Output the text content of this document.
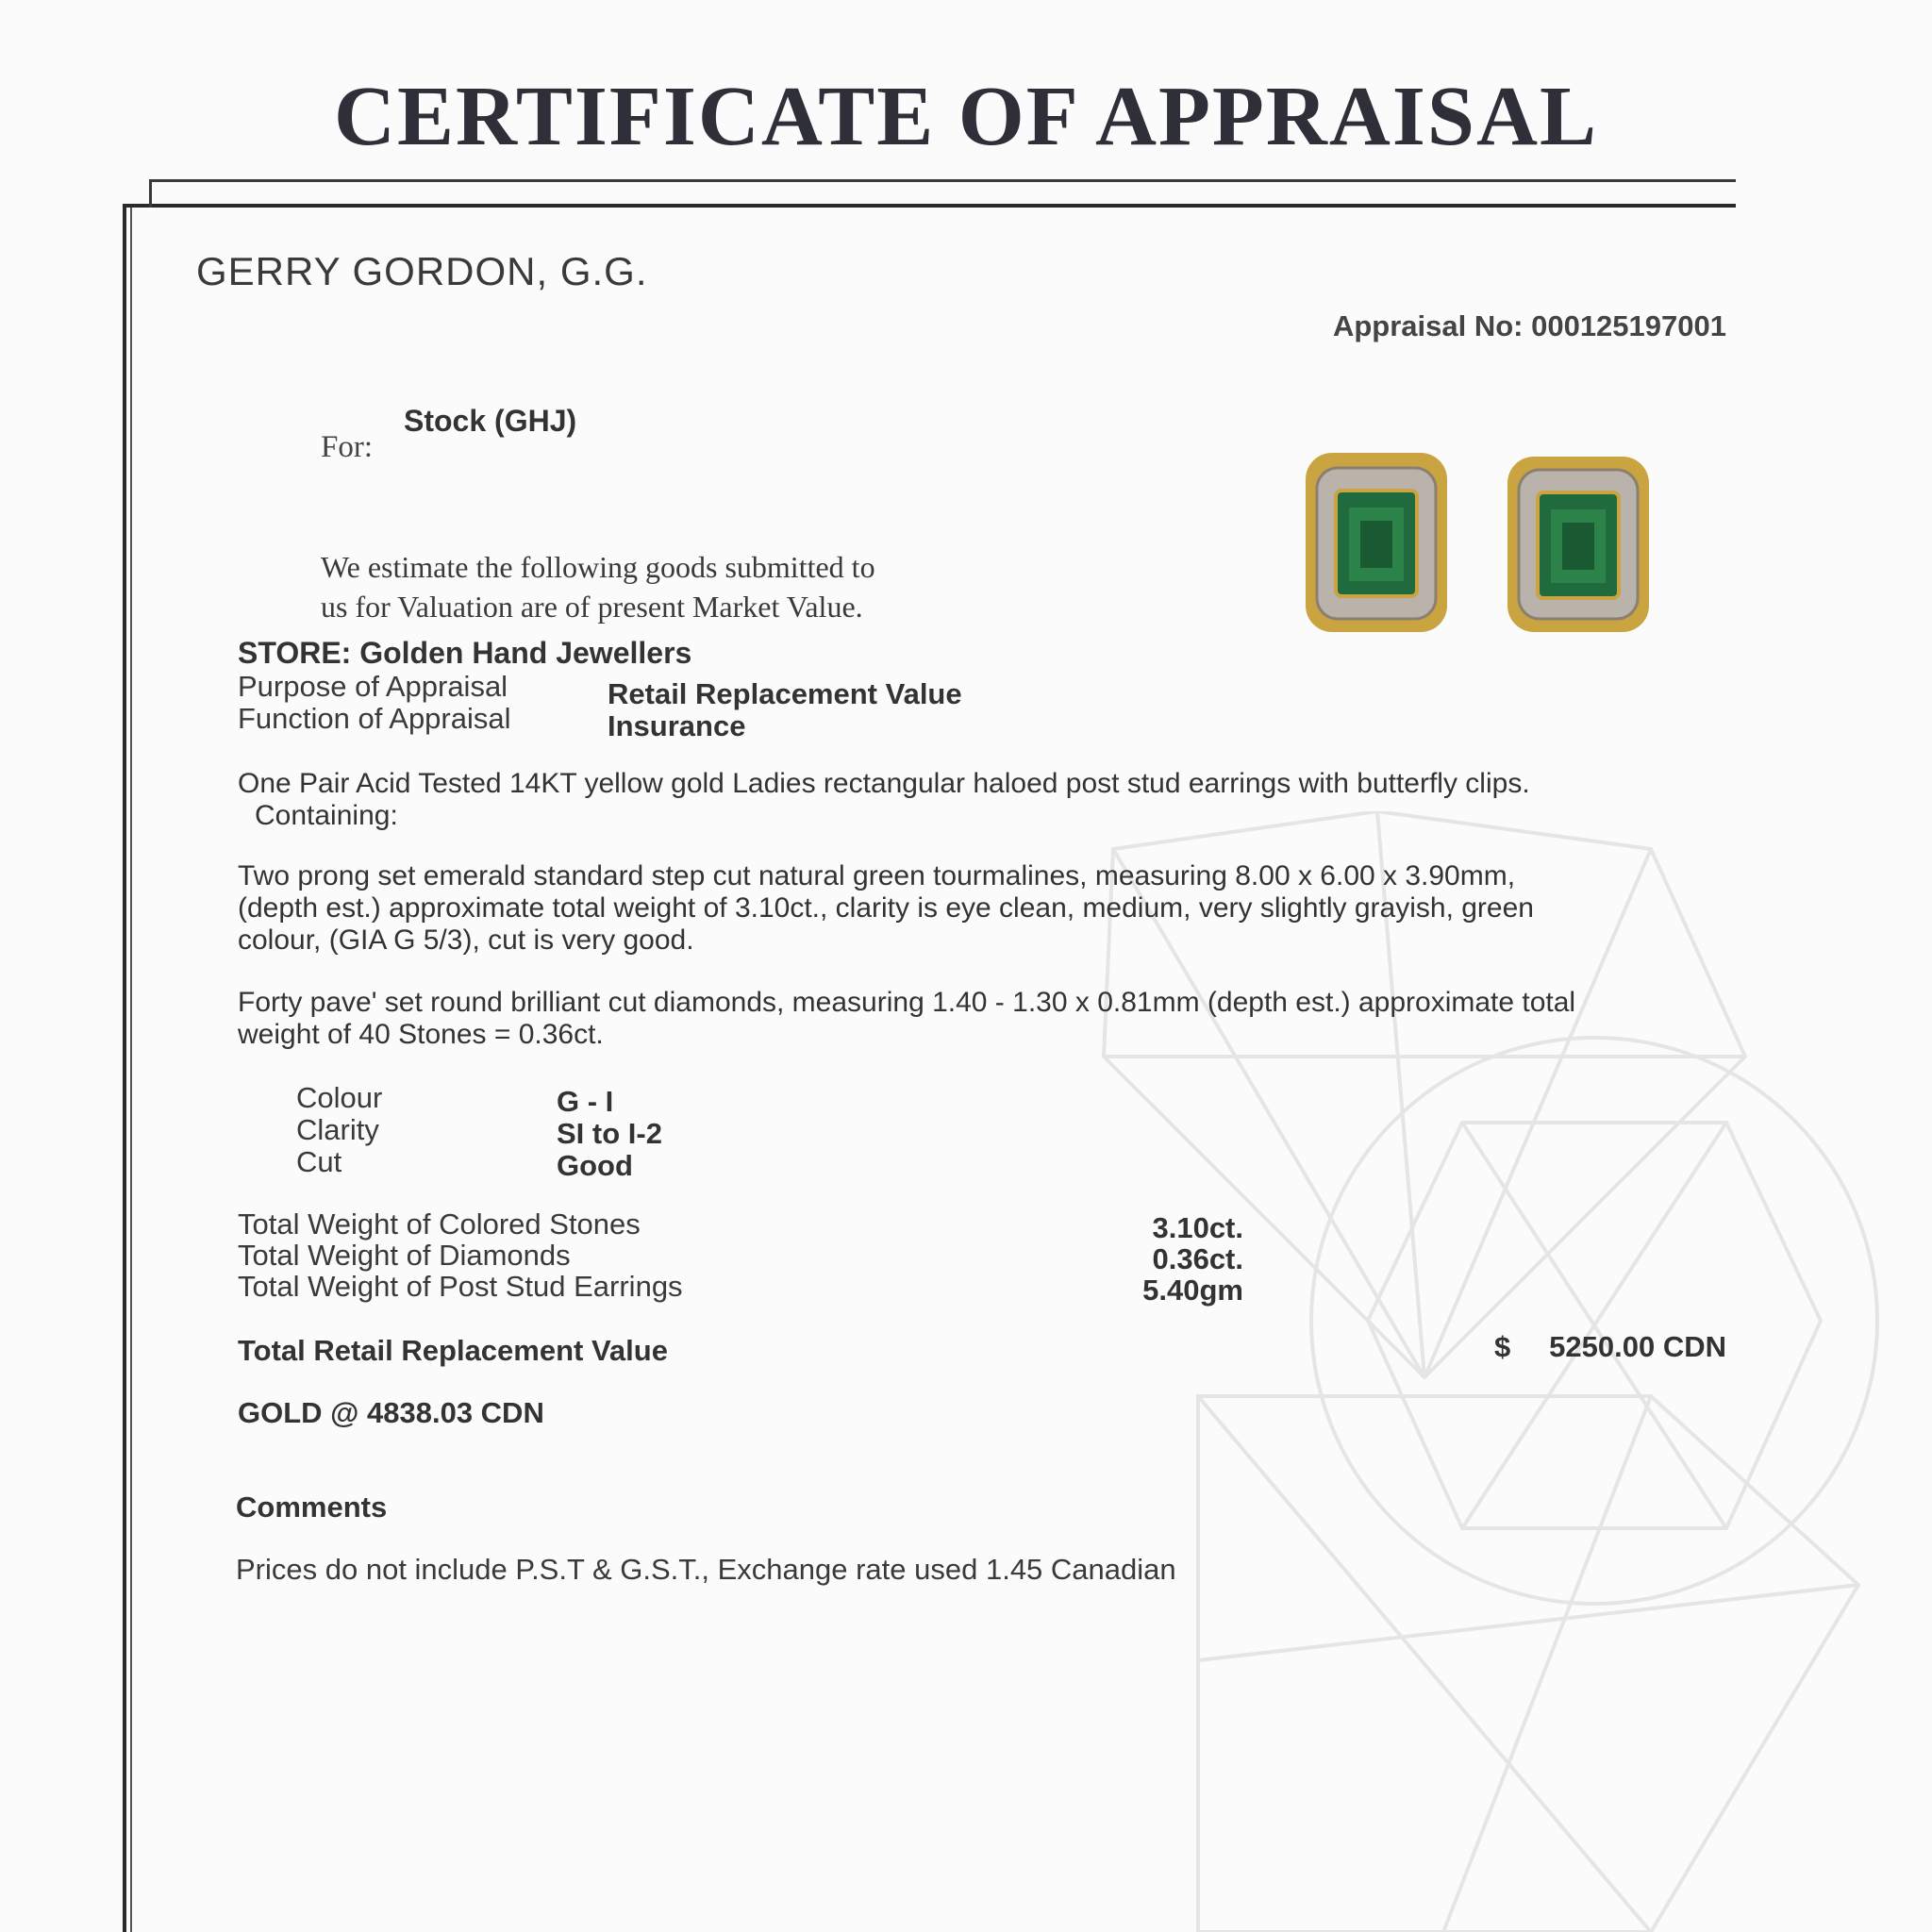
CERTIFICATE OF APPRAISAL
GERRY GORDON, G.G.
Appraisal No: 000125197001
Stock (GHJ)
For:
We estimate the following goods submitted to
us for Valuation are of present Market Value.
STORE: Golden Hand Jewellers
Purpose of Appraisal	Retail Replacement Value
Function of Appraisal	Insurance
One Pair Acid Tested 14KT yellow gold Ladies rectangular haloed post stud earrings with butterfly clips.
Containing:
Two prong set emerald standard step cut natural green tourmalines, measuring 8.00 x 6.00 x 3.90mm, (depth est.) approximate total weight of 3.10ct., clarity is eye clean, medium, very slightly grayish, green colour, (GIA G 5/3), cut is very good.
Forty pave' set round brilliant cut diamonds, measuring 1.40 - 1.30 x 0.81mm (depth est.) approximate total weight of 40 Stones = 0.36ct.
Colour	G - I
Clarity	SI to I-2
Cut	Good
Total Weight of Colored Stones	3.10ct.
Total Weight of Diamonds	0.36ct.
Total Weight of Post Stud Earrings	5.40gm
Total Retail Replacement Value	$ 5250.00 CDN
GOLD @ 4838.03 CDN
Comments
Prices do not include P.S.T & G.S.T., Exchange rate used 1.45 Canadian
